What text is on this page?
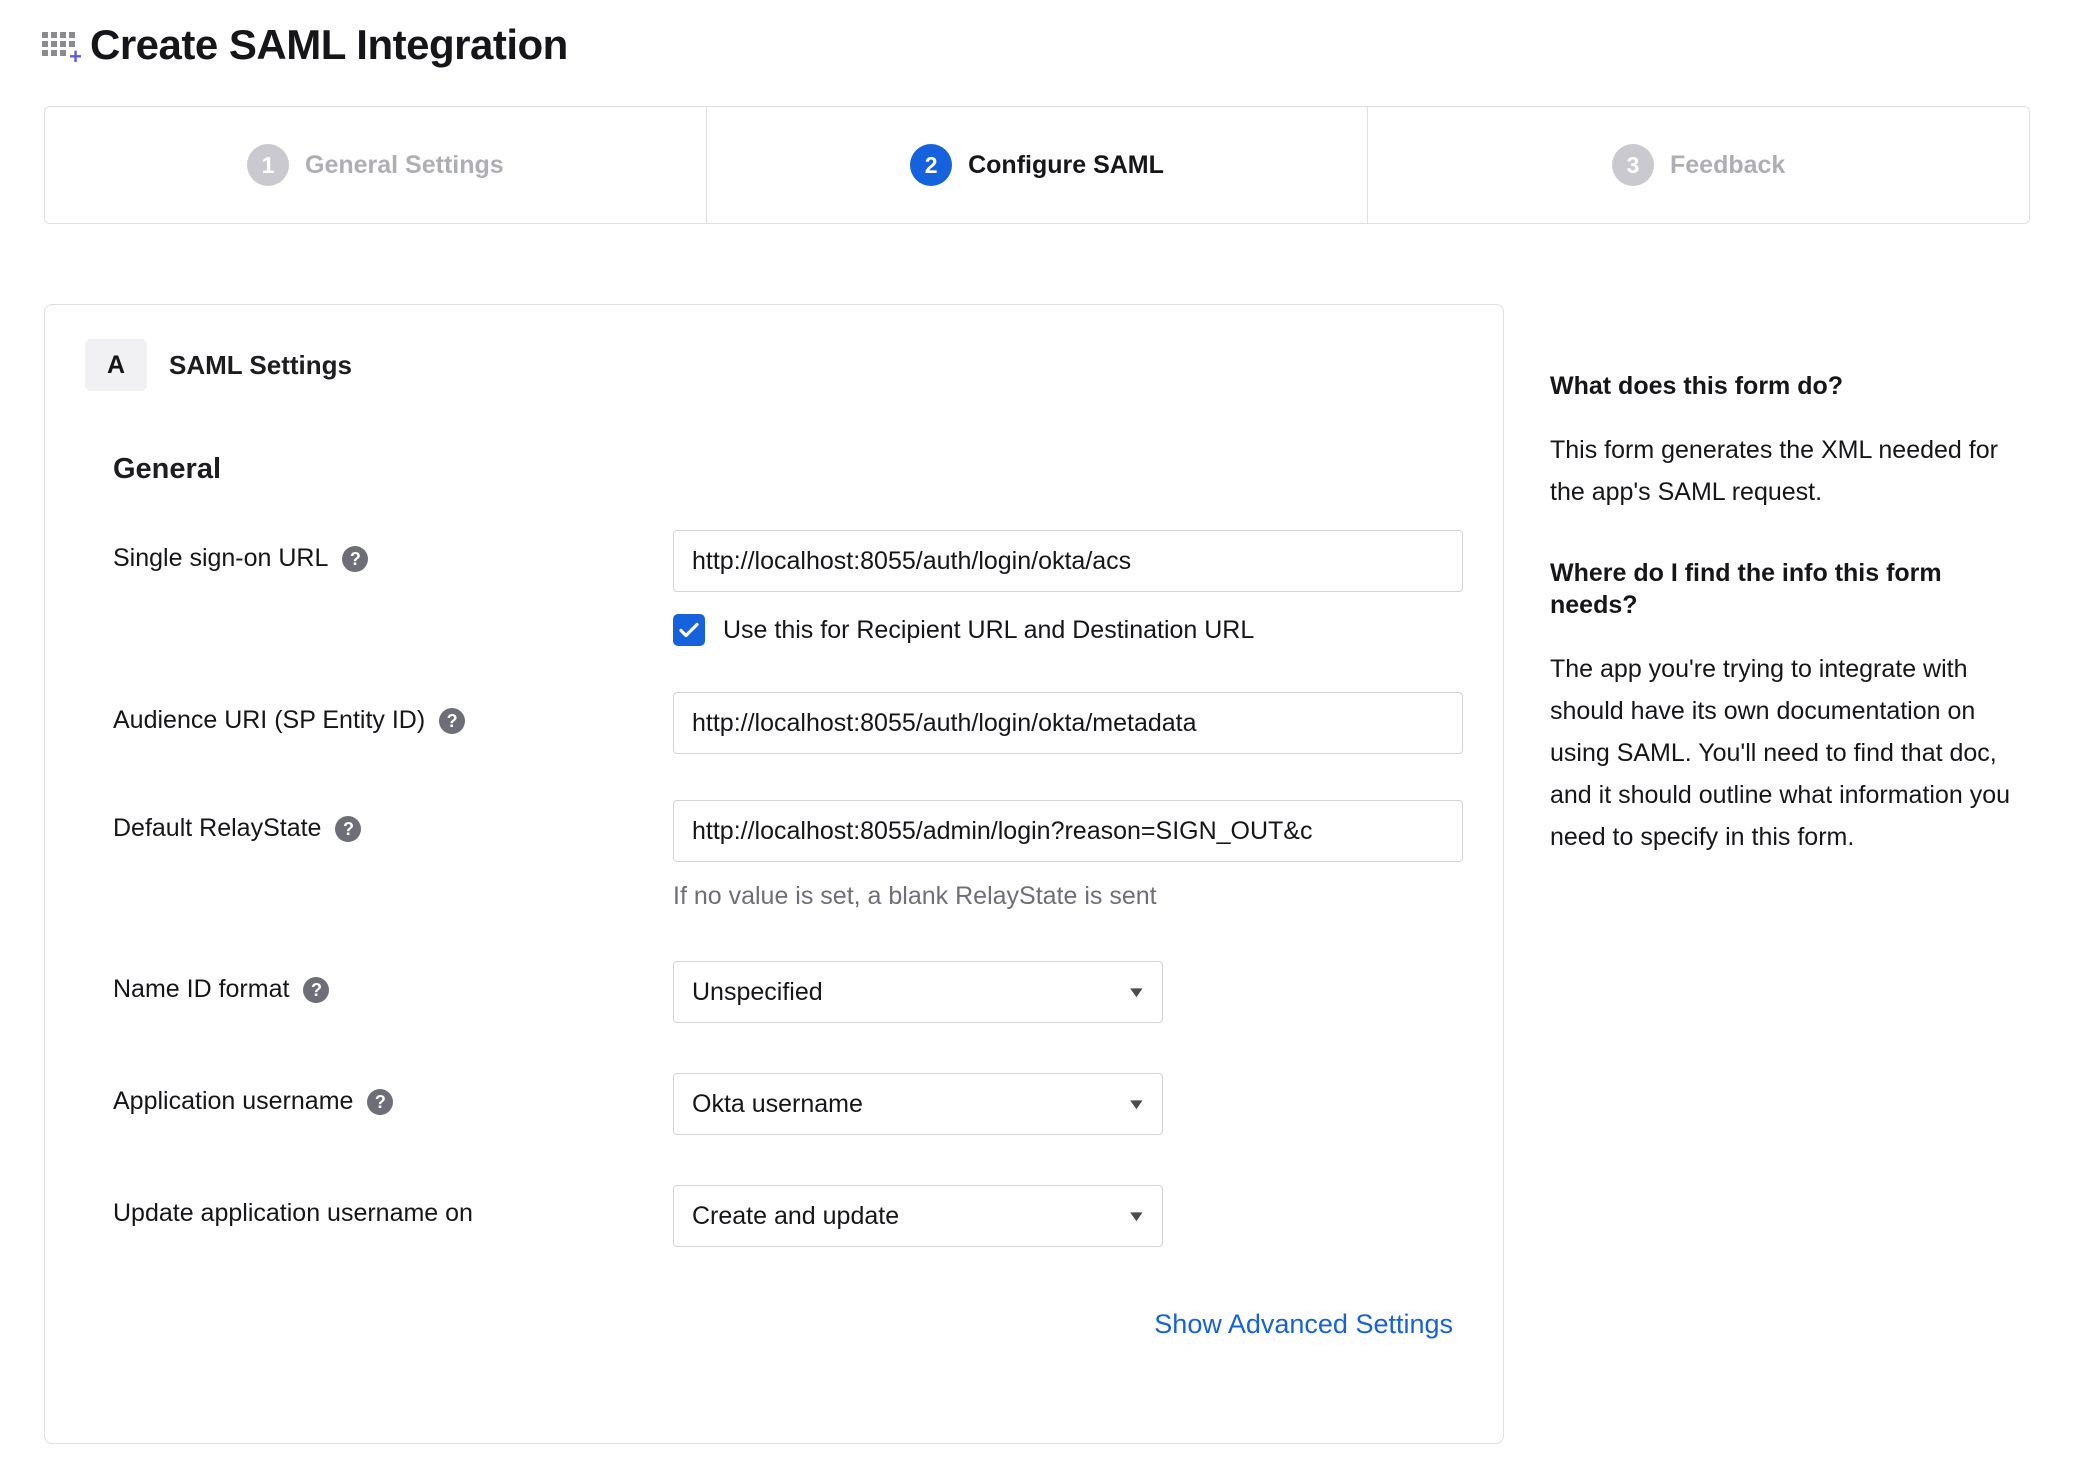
+ Create SAML Integration
1	General Settings	2	Configure SAML	3	Feedback
A	SAML Settings
General
Single sign-on URL	?	http://localhost:8055/auth/login/okta/acs
Use this for Recipient URL and Destination URL
Audience URI (SP Entity ID)	?	http://localhost:8055/auth/login/okta/metadata
Default RelayState	?	http://localhost:8055/admin/login?reason=SIGN_OUT&c
If no value is set, a blank RelayState is sent
Name ID format	?	Unspecified	▼
Application username	?	Okta username	▼
Update application username on	Create and update	▼
Show Advanced Settings
What does this form do?

This form generates the XML needed for the app's SAML request.

Where do I find the info this form needs?

The app you're trying to integrate with should have its own documentation on using SAML. You'll need to find that doc, and it should outline what information you need to specify in this form.
